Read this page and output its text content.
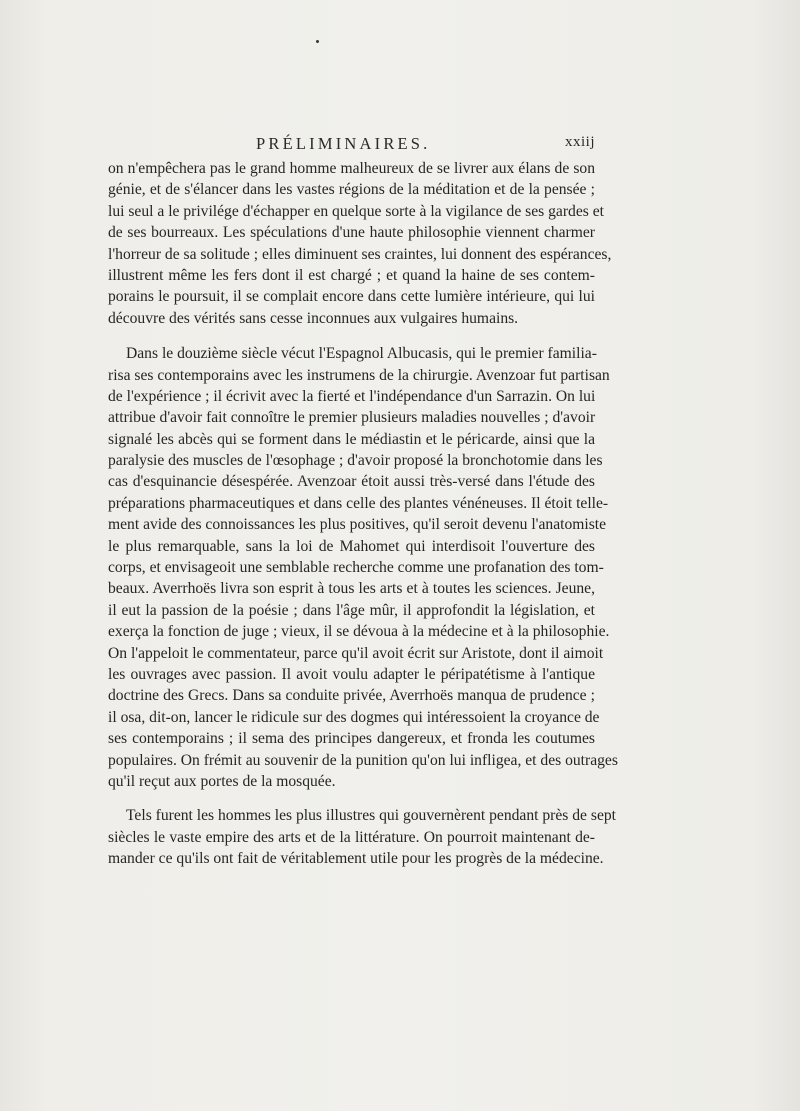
PRÉLIMINAIRES.	xxiij
on n'empêchera pas le grand homme malheureux de se livrer aux élans de son
génie, et de s'élancer dans les vastes régions de la méditation et de la pensée ;
lui seul a le privilége d'échapper en quelque sorte à la vigilance de ses gardes et
de ses bourreaux. Les spéculations d'une haute philosophie viennent charmer
l'horreur de sa solitude ; elles diminuent ses craintes, lui donnent des espérances,
illustrent même les fers dont il est chargé ; et quand la haine de ses contem-
porains le poursuit, il se complait encore dans cette lumière intérieure, qui lui
découvre des vérités sans cesse inconnues aux vulgaires humains.
Dans le douzième siècle vécut l'Espagnol Albucasis, qui le premier familia-
risa ses contemporains avec les instrumens de la chirurgie. Avenzoar fut partisan
de l'expérience ; il écrivit avec la fierté et l'indépendance d'un Sarrazin. On lui
attribue d'avoir fait connoître le premier plusieurs maladies nouvelles ; d'avoir
signalé les abcès qui se forment dans le médiastin et le péricarde, ainsi que la
paralysie des muscles de l'œsophage ; d'avoir proposé la bronchotomie dans les
cas d'esquinancie désespérée. Avenzoar étoit aussi très-versé dans l'étude des
préparations pharmaceutiques et dans celle des plantes vénéneuses. Il étoit telle-
ment avide des connoissances les plus positives, qu'il seroit devenu l'anatomiste
le plus remarquable, sans la loi de Mahomet qui interdisoit l'ouverture des
corps, et envisageoit une semblable recherche comme une profanation des tom-
beaux. Averrhoës livra son esprit à tous les arts et à toutes les sciences. Jeune,
il eut la passion de la poésie ; dans l'âge mûr, il approfondit la législation, et
exerça la fonction de juge ; vieux, il se dévoua à la médecine et à la philosophie.
On l'appeloit le commentateur, parce qu'il avoit écrit sur Aristote, dont il aimoit
les ouvrages avec passion. Il avoit voulu adapter le péripatétisme à l'antique
doctrine des Grecs. Dans sa conduite privée, Averrhoës manqua de prudence ;
il osa, dit-on, lancer le ridicule sur des dogmes qui intéressoient la croyance de
ses contemporains ; il sema des principes dangereux, et fronda les coutumes
populaires. On frémit au souvenir de la punition qu'on lui infligea, et des outrages
qu'il reçut aux portes de la mosquée.
Tels furent les hommes les plus illustres qui gouvernèrent pendant près de sept
siècles le vaste empire des arts et de la littérature. On pourroit maintenant de-
mander ce qu'ils ont fait de véritablement utile pour les progrès de la médecine.
